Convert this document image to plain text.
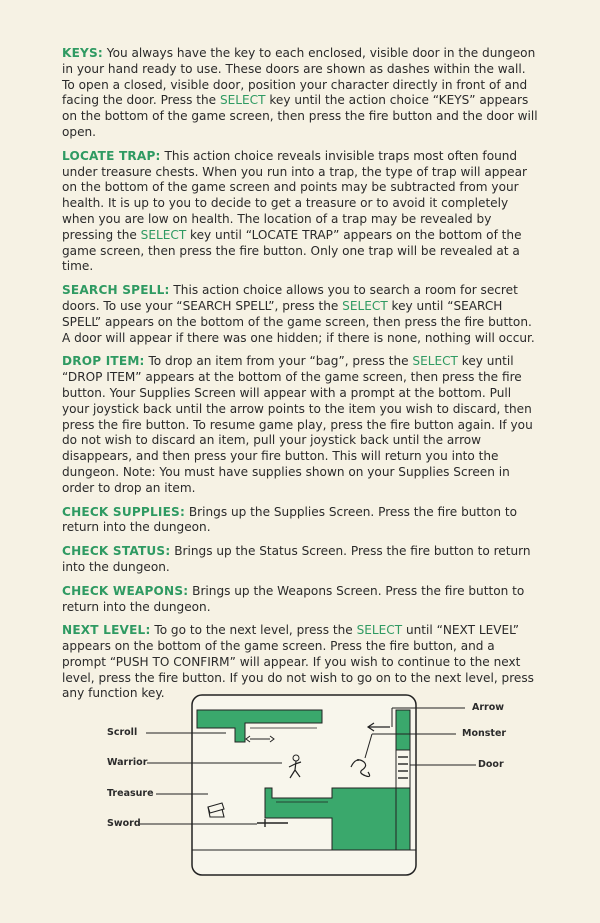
KEYS: You always have the key to each enclosed, visible door in the dungeon in your hand ready to use. These doors are shown as dashes within the wall. To open a closed, visible door, position your character directly in front of and facing the door. Press the SELECT key until the action choice “KEYS” appears on the bottom of the game screen, then press the fire button and the door will open.

LOCATE TRAP: This action choice reveals invisible traps most often found under treasure chests. When you run into a trap, the type of trap will appear on the bottom of the game screen and points may be subtracted from your health. It is up to you to decide to get a treasure or to avoid it completely when you are low on health. The location of a trap may be revealed by pressing the SELECT key until “LOCATE TRAP” appears on the bottom of the game screen, then press the fire button. Only one trap will be revealed at a time.

SEARCH SPELL: This action choice allows you to search a room for secret doors. To use your “SEARCH SPELL”, press the SELECT key until “SEARCH SPELL” appears on the bottom of the game screen, then press the fire button. A door will appear if there was one hidden; if there is none, nothing will occur.

DROP ITEM: To drop an item from your “bag”, press the SELECT key until “DROP ITEM” appears at the bottom of the game screen, then press the fire button. Your Supplies Screen will appear with a prompt at the bottom. Pull your joystick back until the arrow points to the item you wish to discard, then press the fire button. To resume game play, press the fire button again. If you do not wish to discard an item, pull your joystick back until the arrow disappears, and then press your fire button. This will return you into the dungeon. Note: You must have supplies shown on your Supplies Screen in order to drop an item.

CHECK SUPPLIES: Brings up the Supplies Screen. Press the fire button to return into the dungeon.

CHECK STATUS: Brings up the Status Screen. Press the fire button to return into the dungeon.

CHECK WEAPONS: Brings up the Weapons Screen. Press the fire button to return into the dungeon.

NEXT LEVEL: To go to the next level, press the SELECT until “NEXT LEVEL” appears on the bottom of the game screen. Press the fire button, and a prompt “PUSH TO CONFIRM” will appear. If you wish to continue to the next level, press the fire button. If you do not wish to go on to the next level, press any function key.

Scroll
Warrior
Treasure
Sword
Arrow
Monster
Door
